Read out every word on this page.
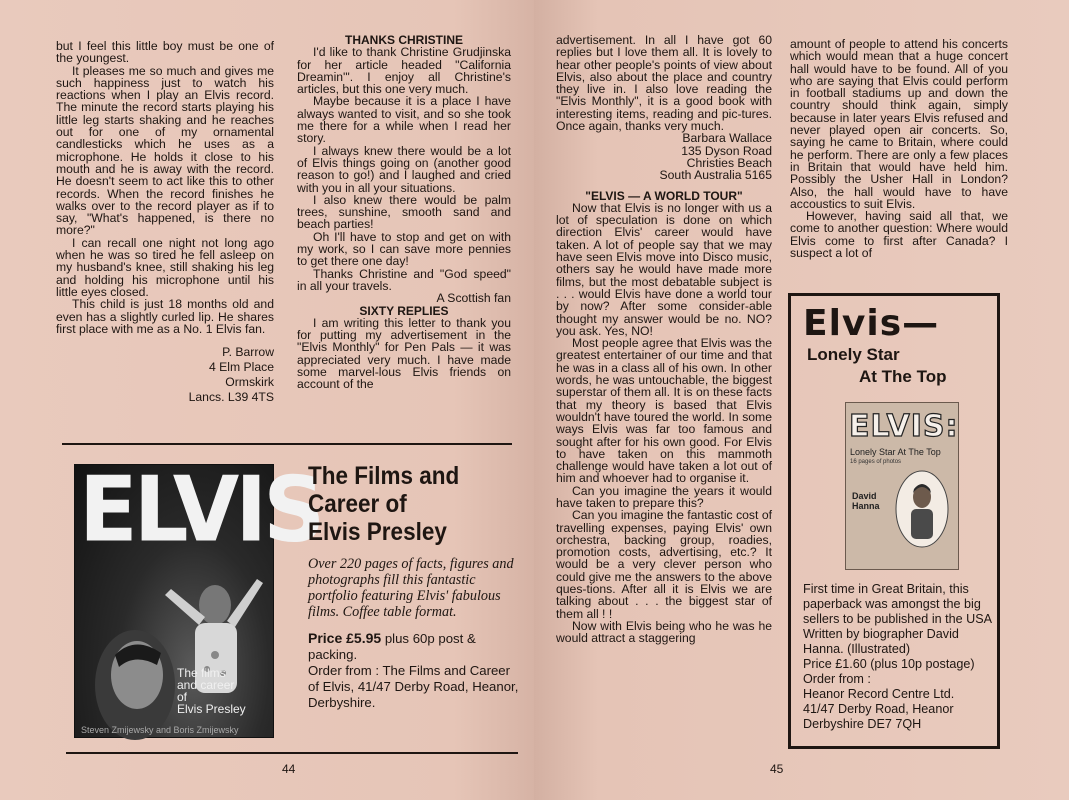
but I feel this little boy must be one of the youngest.

It pleases me so much and gives me such happiness just to watch his reactions when I play an Elvis record. The minute the record starts playing his little leg starts shaking and he reaches out for one of my ornamental candlesticks which he uses as a microphone. He holds it close to his mouth and he is away with the record. He doesn't seem to act like this to other records. When the record finishes he walks over to the record player as if to say, "What's happened, is there no more?"

I can recall one night not long ago when he was so tired he fell asleep on my husband's knee, still shaking his leg and holding his microphone until his little eyes closed.

This child is just 18 months old and even has a slightly curled lip. He shares first place with me as a No. 1 Elvis fan.

P. Barrow
4 Elm Place
Ormskirk
Lancs. L39 4TS

THANKS CHRISTINE

I'd like to thank Christine Grudjinska for her article headed "California Dreamin'". I enjoy all Christine's articles, but this one very much.

Maybe because it is a place I have always wanted to visit, and so she took me there for a while when I read her story.

I always knew there would be a lot of Elvis things going on (another good reason to go!) and I laughed and cried with you in all your situations.

I also knew there would be palm trees, sunshine, smooth sand and beach parties!

Oh I'll have to stop and get on with my work, so I can save more pennies to get there one day!

Thanks Christine and "God speed" in all your travels.

A Scottish fan

SIXTY REPLIES

I am writing this letter to thank you for putting my advertisement in the "Elvis Monthly" for Pen Pals — it was appreciated very much. I have made some marvel-lous Elvis friends on account of the

ELVIS
The films
and career
of
Elvis Presley
Steven Zmijewsky and Boris Zmijewsky
The Films and
Career of
Elvis Presley

Over 220 pages of facts, figures and photographs fill this fantastic portfolio featuring Elvis' fabulous films. Coffee table format.

Price £5.95 plus 60p post & packing.

Order from : The Films and Career of Elvis, 41/47 Derby Road, Heanor, Derbyshire.

44

advertisement. In all I have got 60 replies but I love them all. It is lovely to hear other people's points of view about Elvis, also about the place and country they live in. I also love reading the "Elvis Monthly", it is a good book with interesting items, reading and pic-tures. Once again, thanks very much.

Barbara Wallace
135 Dyson Road
Christies Beach
South Australia 5165

"ELVIS — A WORLD TOUR"

Now that Elvis is no longer with us a lot of speculation is done on which direction Elvis' career would have taken. A lot of people say that we may have seen Elvis move into Disco music, others say he would have made more films, but the most debatable subject is . . . would Elvis have done a world tour by now? After some consider-able thought my answer would be no. NO? you ask. Yes, NO!

Most people agree that Elvis was the greatest entertainer of our time and that he was in a class all of his own. In other words, he was untouchable, the biggest superstar of them all. It is on these facts that my theory is based that Elvis wouldn't have toured the world. In some ways Elvis was far too famous and sought after for his own good. For Elvis to have taken on this mammoth challenge would have taken a lot out of him and whoever had to organise it.

Can you imagine the years it would have taken to prepare this?

Can you imagine the fantastic cost of travelling expenses, paying Elvis' own orchestra, backing group, roadies, promotion costs, advertising, etc.? It would be a very clever person who could give me the answers to the above ques-tions. After all it is Elvis we are talking about . . . the biggest star of them all ! !

Now with Elvis being who he was he would attract a staggering

amount of people to attend his concerts which would mean that a huge concert hall would have to be found. All of you who are saying that Elvis could perform in football stadiums up and down the country should think again, simply because in later years Elvis refused and never played open air concerts. So, saying he came to Britain, where could he perform. There are only a few places in Britain that would have held him. Possibly the Usher Hall in London? Also, the hall would have to have accoustics to suit Elvis.

However, having said all that, we come to another question: Where would Elvis come to first after Canada? I suspect a lot of

45
Elvis—
Lonely Star
At The Top
ELVIS:
Lonely Star At The Top
16 pages of photos
David
Hanna

First time in Great Britain, this paperback was amongst the big sellers to be published in the USA

Written by biographer David Hanna. (Illustrated)

Price £1.60 (plus 10p postage)

Order from :

Heanor Record Centre Ltd.

41/47 Derby Road, Heanor

Derbyshire DE7 7QH
